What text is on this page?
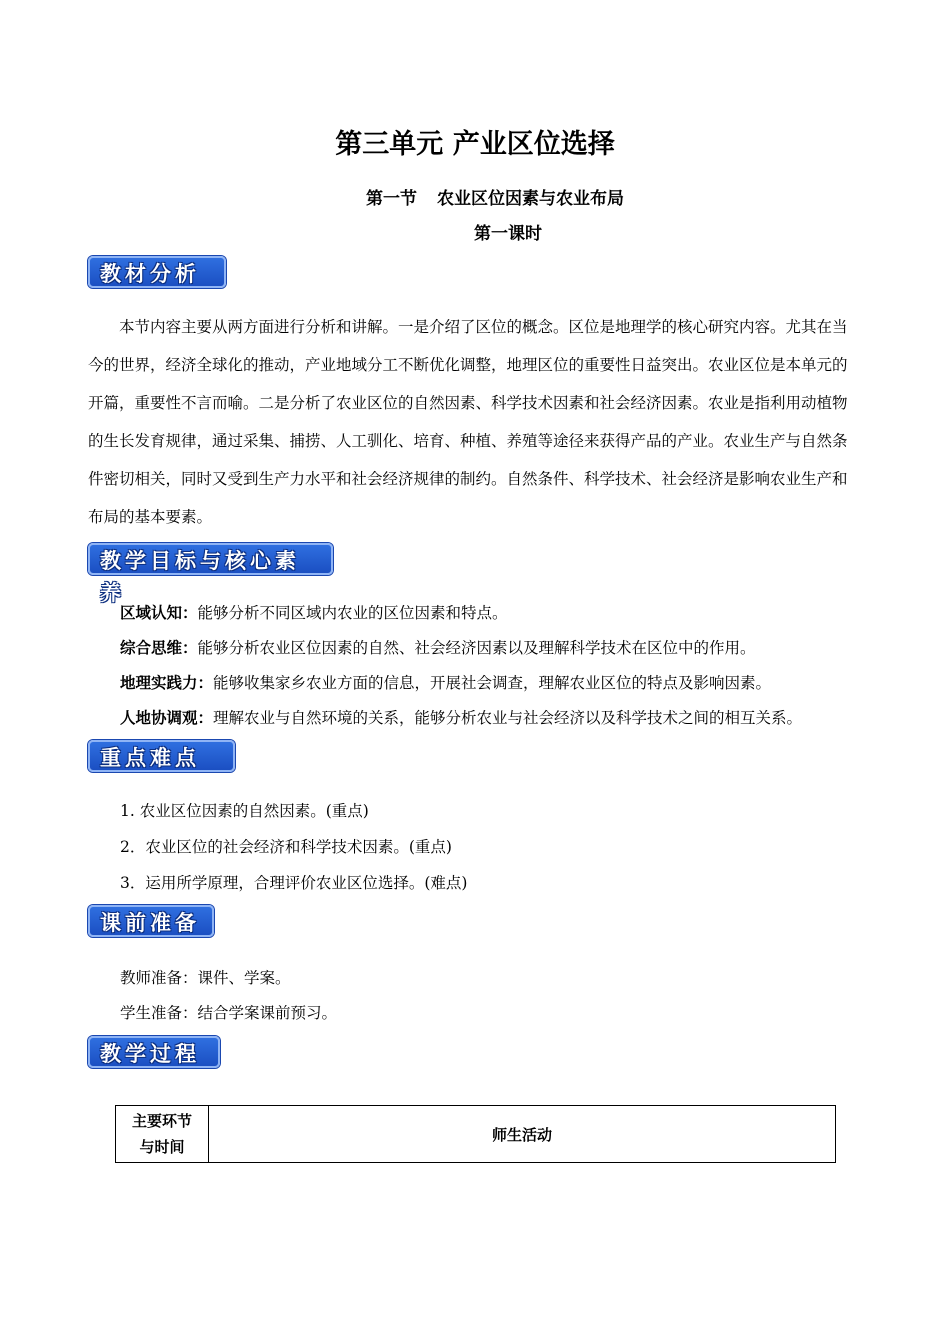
第三单元 产业区位选择
第一节 农业区位因素与农业布局
第一课时
教材分析

本节内容主要从两方面进行分析和讲解。一是介绍了区位的概念。区位是地理学的核心研究内容。尤其在当今的世界，经济全球化的推动，产业地域分工不断优化调整，地理区位的重要性日益突出。农业区位是本单元的开篇，重要性不言而喻。二是分析了农业区位的自然因素、科学技术因素和社会经济因素。农业是指利用动植物的生长发育规律，通过采集、捕捞、人工驯化、培育、种植、养殖等途径来获得产品的产业。农业生产与自然条件密切相关，同时又受到生产力水平和社会经济规律的制约。自然条件、科学技术、社会经济是影响农业生产和布局的基本要素。

教学目标与核心素养
区域认知：能够分析不同区域内农业的区位因素和特点。
综合思维：能够分析农业区位因素的自然、社会经济因素以及理解科学技术在区位中的作用。
地理实践力：能够收集家乡农业方面的信息，开展社会调查，理解农业区位的特点及影响因素。
人地协调观：理解农业与自然环境的关系，能够分析农业与社会经济以及科学技术之间的相互关系。
重点难点
1. 农业区位因素的自然因素。(重点)
2．农业区位的社会经济和科学技术因素。(重点)
3．运用所学原理，合理评价农业区位选择。(难点)
课前准备
教师准备：课件、学案。
学生准备：结合学案课前预习。
教学过程
主要环节
与时间	师生活动
